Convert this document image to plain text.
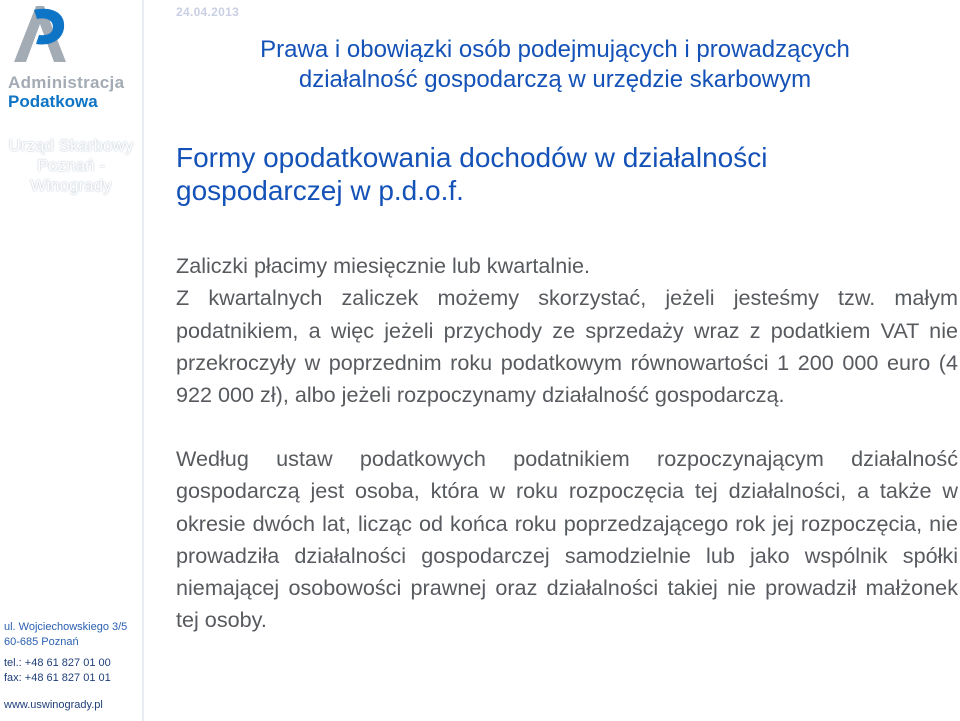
Administracja
Podatkowa
Urząd Skarbowy
Poznań -
Winogrady
ul. Wojciechowskiego 3/5
60-685 Poznań
tel.: +48 61 827 01 00
fax: +48 61 827 01 01
www.uswinogrady.pl
24.04.2013
Prawa i obowiązki osób podejmujących i prowadzących
działalność gospodarczą w urzędzie skarbowym
Formy opodatkowania dochodów w działalności
gospodarczej w p.d.o.f.
Zaliczki płacimy miesięcznie lub kwartalnie.
Z kwartalnych zaliczek możemy skorzystać, jeżeli jesteśmy tzw. małym podatnikiem, a więc jeżeli przychody ze sprzedaży wraz z podatkiem VAT nie przekroczyły w poprzednim roku podatkowym równowartości 1 200 000 euro (4 922 000 zł), albo jeżeli rozpoczynamy działalność gospodarczą.
Według ustaw podatkowych podatnikiem rozpoczynającym działalność gospodarczą jest osoba, która w roku rozpoczęcia tej działalności, a także w okresie dwóch lat, licząc od końca roku poprzedzającego rok jej rozpoczęcia, nie prowadziła działalności gospodarczej samodzielnie lub jako wspólnik spółki niemającej osobowości prawnej oraz działalności takiej nie prowadził małżonek tej osoby.
